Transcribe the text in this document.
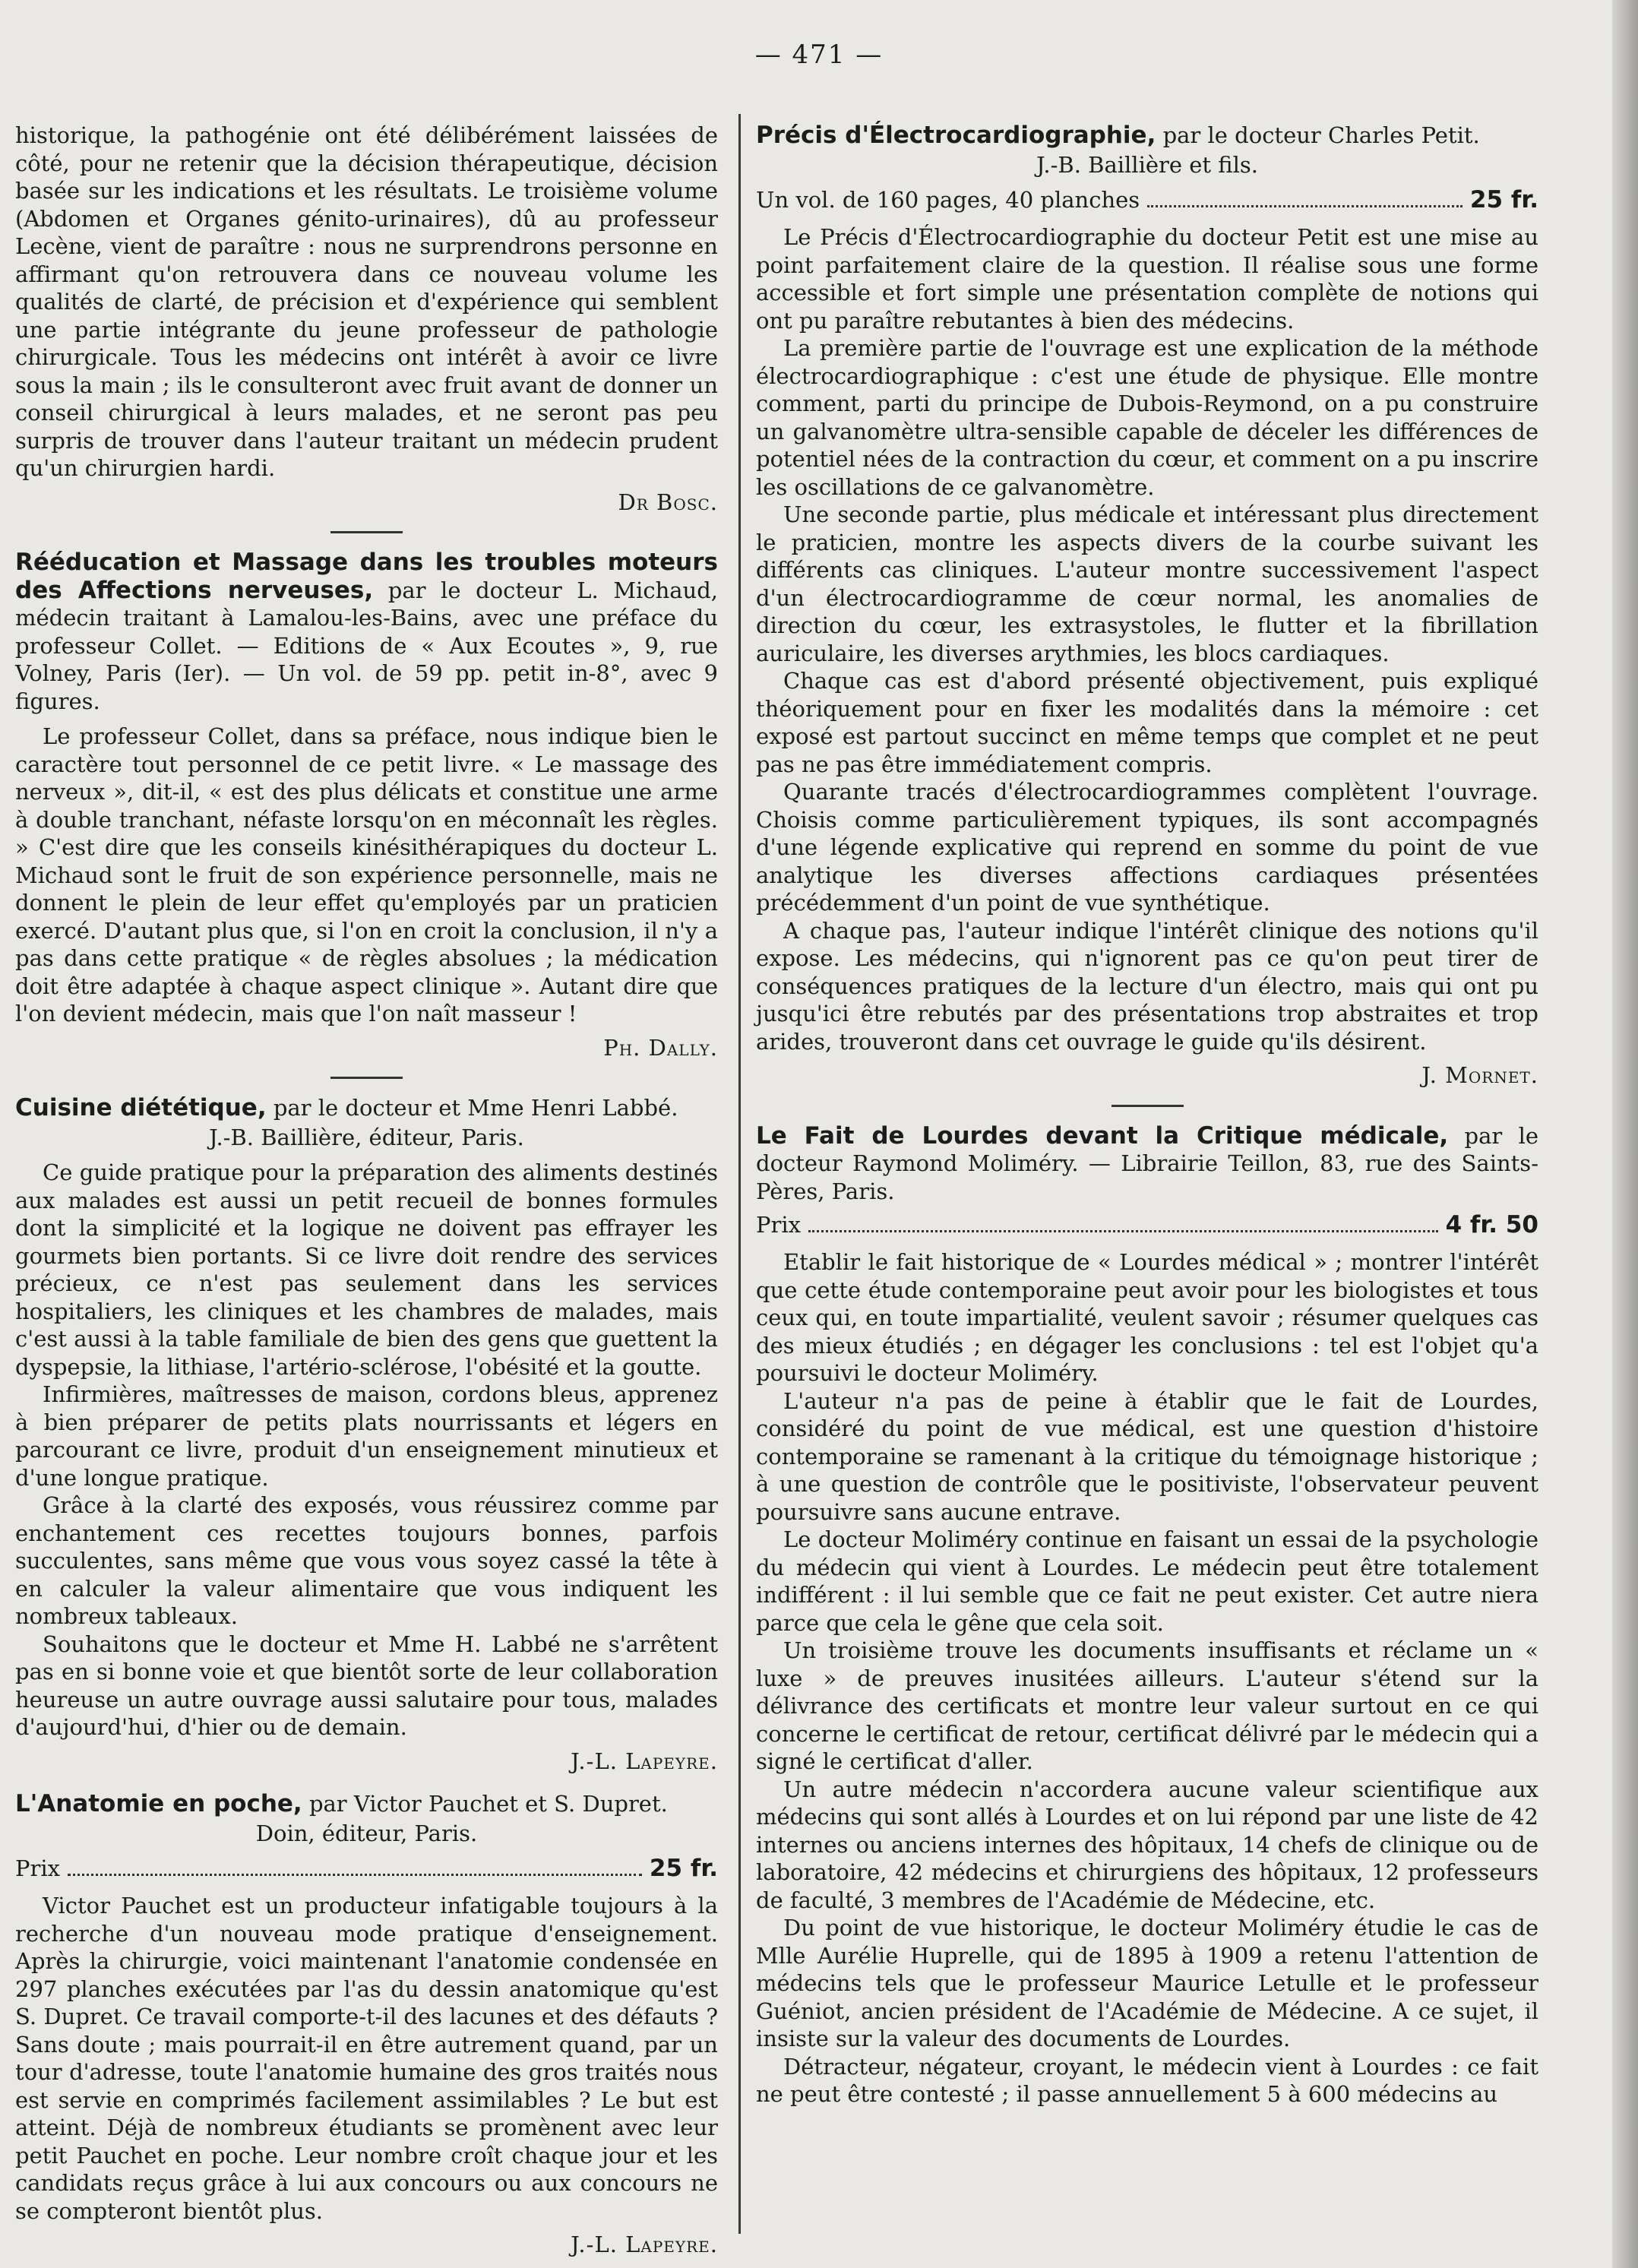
— 471 —

historique, la pathogénie ont été délibérément laissées de côté, pour ne retenir que la décision thérapeutique, décision basée sur les indications et les résultats. Le troisième volume (Abdomen et Organes génito-urinaires), dû au professeur Lecène, vient de paraître : nous ne surprendrons personne en affirmant qu'on retrouvera dans ce nouveau volume les qualités de clarté, de précision et d'expérience qui semblent une partie intégrante du jeune professeur de pathologie chirurgicale. Tous les médecins ont intérêt à avoir ce livre sous la main ; ils le consulteront avec fruit avant de donner un conseil chirurgical à leurs malades, et ne seront pas peu surpris de trouver dans l'auteur traitant un médecin prudent qu'un chirurgien hardi.

Dr Bosc.

Rééducation et Massage dans les troubles moteurs des Affections nerveuses, par le docteur L. Michaud, médecin traitant à Lamalou-les-Bains, avec une préface du professeur Collet. — Editions de « Aux Ecoutes », 9, rue Volney, Paris (Ier). — Un vol. de 59 pp. petit in-8°, avec 9 figures.

Le professeur Collet, dans sa préface, nous indique bien le caractère tout personnel de ce petit livre. « Le massage des nerveux », dit-il, « est des plus délicats et constitue une arme à double tranchant, néfaste lorsqu'on en méconnaît les règles. » C'est dire que les conseils kinésithérapiques du docteur L. Michaud sont le fruit de son expérience personnelle, mais ne donnent le plein de leur effet qu'employés par un praticien exercé. D'autant plus que, si l'on en croit la conclusion, il n'y a pas dans cette pratique « de règles absolues ; la médication doit être adaptée à chaque aspect clinique ». Autant dire que l'on devient médecin, mais que l'on naît masseur !

Ph. Dally.

Cuisine diététique, par le docteur et Mme Henri Labbé.

J.-B. Baillière, éditeur, Paris.

Ce guide pratique pour la préparation des aliments destinés aux malades est aussi un petit recueil de bonnes formules dont la simplicité et la logique ne doivent pas effrayer les gourmets bien portants. Si ce livre doit rendre des services précieux, ce n'est pas seulement dans les services hospitaliers, les cliniques et les chambres de malades, mais c'est aussi à la table familiale de bien des gens que guettent la dyspepsie, la lithiase, l'artério-sclérose, l'obésité et la goutte.

Infirmières, maîtresses de maison, cordons bleus, apprenez à bien préparer de petits plats nourrissants et légers en parcourant ce livre, produit d'un enseignement minutieux et d'une longue pratique.

Grâce à la clarté des exposés, vous réussirez comme par enchantement ces recettes toujours bonnes, parfois succulentes, sans même que vous vous soyez cassé la tête à en calculer la valeur alimentaire que vous indiquent les nombreux tableaux.

Souhaitons que le docteur et Mme H. Labbé ne s'arrêtent pas en si bonne voie et que bientôt sorte de leur collaboration heureuse un autre ouvrage aussi salutaire pour tous, malades d'aujourd'hui, d'hier ou de demain.

J.-L. Lapeyre.

L'Anatomie en poche, par Victor Pauchet et S. Dupret.

Doin, éditeur, Paris.

Prix	25 fr.

Victor Pauchet est un producteur infatigable toujours à la recherche d'un nouveau mode pratique d'enseignement. Après la chirurgie, voici maintenant l'anatomie condensée en 297 planches exécutées par l'as du dessin anatomique qu'est S. Dupret. Ce travail comporte-t-il des lacunes et des défauts ? Sans doute ; mais pourrait-il en être autrement quand, par un tour d'adresse, toute l'anatomie humaine des gros traités nous est servie en comprimés facilement assimilables ? Le but est atteint. Déjà de nombreux étudiants se promènent avec leur petit Pauchet en poche. Leur nombre croît chaque jour et les candidats reçus grâce à lui aux concours ou aux concours ne se compteront bientôt plus.

J.-L. Lapeyre.

Précis d'Électrocardiographie, par le docteur Charles Petit.

J.-B. Baillière et fils.

Un vol. de 160 pages, 40 planches	25 fr.

Le Précis d'Électrocardiographie du docteur Petit est une mise au point parfaitement claire de la question. Il réalise sous une forme accessible et fort simple une présentation complète de notions qui ont pu paraître rebutantes à bien des médecins.

La première partie de l'ouvrage est une explication de la méthode électrocardiographique : c'est une étude de physique. Elle montre comment, parti du principe de Dubois-Reymond, on a pu construire un galvanomètre ultra-sensible capable de déceler les différences de potentiel nées de la contraction du cœur, et comment on a pu inscrire les oscillations de ce galvanomètre.

Une seconde partie, plus médicale et intéressant plus directement le praticien, montre les aspects divers de la courbe suivant les différents cas cliniques. L'auteur montre successivement l'aspect d'un électrocardiogramme de cœur normal, les anomalies de direction du cœur, les extrasystoles, le flutter et la fibrillation auriculaire, les diverses arythmies, les blocs cardiaques.

Chaque cas est d'abord présenté objectivement, puis expliqué théoriquement pour en fixer les modalités dans la mémoire : cet exposé est partout succinct en même temps que complet et ne peut pas ne pas être immédiatement compris.

Quarante tracés d'électrocardiogrammes complètent l'ouvrage. Choisis comme particulièrement typiques, ils sont accompagnés d'une légende explicative qui reprend en somme du point de vue analytique les diverses affections cardiaques présentées précédemment d'un point de vue synthétique.

A chaque pas, l'auteur indique l'intérêt clinique des notions qu'il expose. Les médecins, qui n'ignorent pas ce qu'on peut tirer de conséquences pratiques de la lecture d'un électro, mais qui ont pu jusqu'ici être rebutés par des présentations trop abstraites et trop arides, trouveront dans cet ouvrage le guide qu'ils désirent.

J. Mornet.

Le Fait de Lourdes devant la Critique médicale, par le docteur Raymond Moliméry. — Librairie Teillon, 83, rue des Saints-Pères, Paris.

Prix	4 fr. 50

Etablir le fait historique de « Lourdes médical » ; montrer l'intérêt que cette étude contemporaine peut avoir pour les biologistes et tous ceux qui, en toute impartialité, veulent savoir ; résumer quelques cas des mieux étudiés ; en dégager les conclusions : tel est l'objet qu'a poursuivi le docteur Moliméry.

L'auteur n'a pas de peine à établir que le fait de Lourdes, considéré du point de vue médical, est une question d'histoire contemporaine se ramenant à la critique du témoignage historique ; à une question de contrôle que le positiviste, l'observateur peuvent poursuivre sans aucune entrave.

Le docteur Moliméry continue en faisant un essai de la psychologie du médecin qui vient à Lourdes. Le médecin peut être totalement indifférent : il lui semble que ce fait ne peut exister. Cet autre niera parce que cela le gêne que cela soit.

Un troisième trouve les documents insuffisants et réclame un « luxe » de preuves inusitées ailleurs. L'auteur s'étend sur la délivrance des certificats et montre leur valeur surtout en ce qui concerne le certificat de retour, certificat délivré par le médecin qui a signé le certificat d'aller.

Un autre médecin n'accordera aucune valeur scientifique aux médecins qui sont allés à Lourdes et on lui répond par une liste de 42 internes ou anciens internes des hôpitaux, 14 chefs de clinique ou de laboratoire, 42 médecins et chirurgiens des hôpitaux, 12 professeurs de faculté, 3 membres de l'Académie de Médecine, etc.

Du point de vue historique, le docteur Moliméry étudie le cas de Mlle Aurélie Huprelle, qui de 1895 à 1909 a retenu l'attention de médecins tels que le professeur Maurice Letulle et le professeur Guéniot, ancien président de l'Académie de Médecine. A ce sujet, il insiste sur la valeur des documents de Lourdes.

Détracteur, négateur, croyant, le médecin vient à Lourdes : ce fait ne peut être contesté ; il passe annuellement 5 à 600 médecins au
